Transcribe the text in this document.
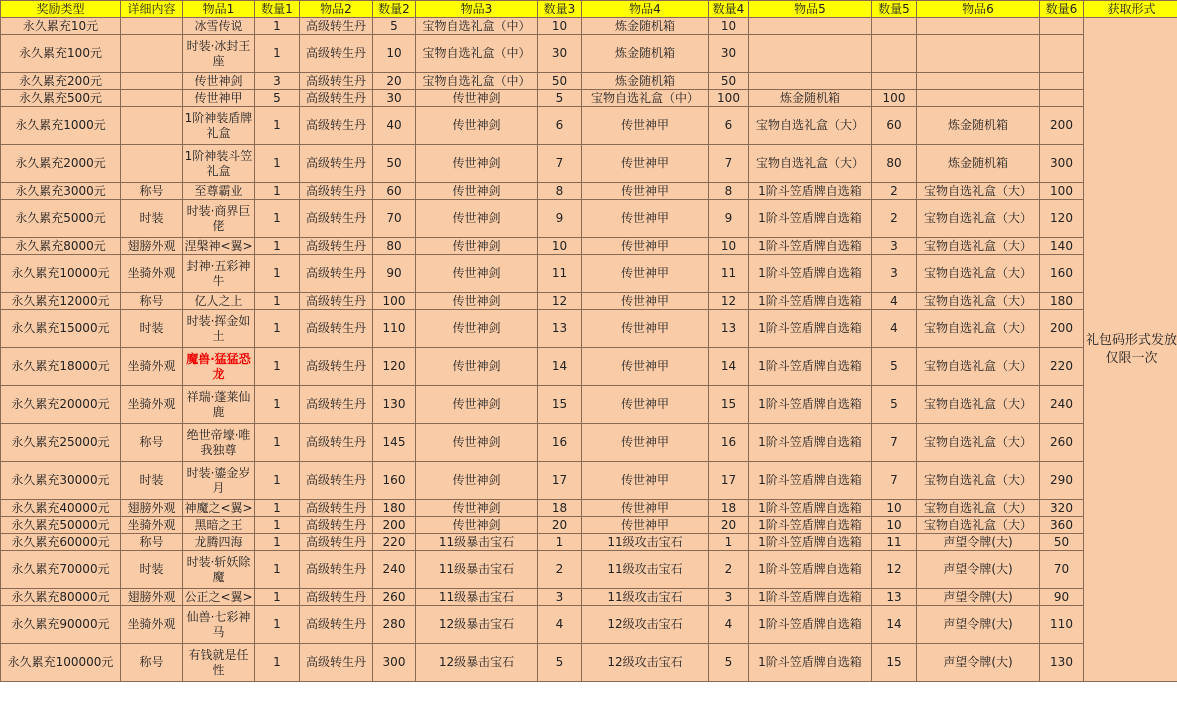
奖励类型	详细内容	物品1	数量1	物品2	数量2	物品3	数量3	物品4	数量4	物品5	数量5	物品6	数量6	获取形式
永久累充10元		冰雪传说	1	高级转生丹	5	宝物自选礼盒（中）	10	炼金随机箱	10					礼包码形式发放仅限一次
永久累充100元		时装·冰封王座	1	高级转生丹	10	宝物自选礼盒（中）	30	炼金随机箱	30					
永久累充200元		传世神剑	3	高级转生丹	20	宝物自选礼盒（中）	50	炼金随机箱	50					
永久累充500元		传世神甲	5	高级转生丹	30	传世神剑	5	宝物自选礼盒（中）	100	炼金随机箱	100			
永久累充1000元		1阶神装盾牌礼盒	1	高级转生丹	40	传世神剑	6	传世神甲	6	宝物自选礼盒（大）	60	炼金随机箱	200	
永久累充2000元		1阶神装斗笠礼盒	1	高级转生丹	50	传世神剑	7	传世神甲	7	宝物自选礼盒（大）	80	炼金随机箱	300	
永久累充3000元	称号	至尊霸业	1	高级转生丹	60	传世神剑	8	传世神甲	8	1阶斗笠盾牌自选箱	2	宝物自选礼盒（大）	100	
永久累充5000元	时装	时装·商界巨佬	1	高级转生丹	70	传世神剑	9	传世神甲	9	1阶斗笠盾牌自选箱	2	宝物自选礼盒（大）	120	
永久累充8000元	翅膀外观	涅槃神<翼>	1	高级转生丹	80	传世神剑	10	传世神甲	10	1阶斗笠盾牌自选箱	3	宝物自选礼盒（大）	140	
永久累充10000元	坐骑外观	封神·五彩神牛	1	高级转生丹	90	传世神剑	11	传世神甲	11	1阶斗笠盾牌自选箱	3	宝物自选礼盒（大）	160	
永久累充12000元	称号	亿人之上	1	高级转生丹	100	传世神剑	12	传世神甲	12	1阶斗笠盾牌自选箱	4	宝物自选礼盒（大）	180	
永久累充15000元	时装	时装·挥金如土	1	高级转生丹	110	传世神剑	13	传世神甲	13	1阶斗笠盾牌自选箱	4	宝物自选礼盒（大）	200	
永久累充18000元	坐骑外观	魔兽·猛猛恐龙	1	高级转生丹	120	传世神剑	14	传世神甲	14	1阶斗笠盾牌自选箱	5	宝物自选礼盒（大）	220	
永久累充20000元	坐骑外观	祥瑞·蓬莱仙鹿	1	高级转生丹	130	传世神剑	15	传世神甲	15	1阶斗笠盾牌自选箱	5	宝物自选礼盒（大）	240	
永久累充25000元	称号	绝世帝壕·唯我独尊	1	高级转生丹	145	传世神剑	16	传世神甲	16	1阶斗笠盾牌自选箱	7	宝物自选礼盒（大）	260	
永久累充30000元	时装	时装·鎏金岁月	1	高级转生丹	160	传世神剑	17	传世神甲	17	1阶斗笠盾牌自选箱	7	宝物自选礼盒（大）	290	
永久累充40000元	翅膀外观	神魔之<翼>	1	高级转生丹	180	传世神剑	18	传世神甲	18	1阶斗笠盾牌自选箱	10	宝物自选礼盒（大）	320	
永久累充50000元	坐骑外观	黑暗之王	1	高级转生丹	200	传世神剑	20	传世神甲	20	1阶斗笠盾牌自选箱	10	宝物自选礼盒（大）	360	
永久累充60000元	称号	龙腾四海	1	高级转生丹	220	11级暴击宝石	1	11级攻击宝石	1	1阶斗笠盾牌自选箱	11	声望令牌(大)	50	
永久累充70000元	时装	时装·斩妖除魔	1	高级转生丹	240	11级暴击宝石	2	11级攻击宝石	2	1阶斗笠盾牌自选箱	12	声望令牌(大)	70	
永久累充80000元	翅膀外观	公正之<翼>	1	高级转生丹	260	11级暴击宝石	3	11级攻击宝石	3	1阶斗笠盾牌自选箱	13	声望令牌(大)	90	
永久累充90000元	坐骑外观	仙兽·七彩神马	1	高级转生丹	280	12级暴击宝石	4	12级攻击宝石	4	1阶斗笠盾牌自选箱	14	声望令牌(大)	110	
永久累充100000元	称号	有钱就是任性	1	高级转生丹	300	12级暴击宝石	5	12级攻击宝石	5	1阶斗笠盾牌自选箱	15	声望令牌(大)	130	
